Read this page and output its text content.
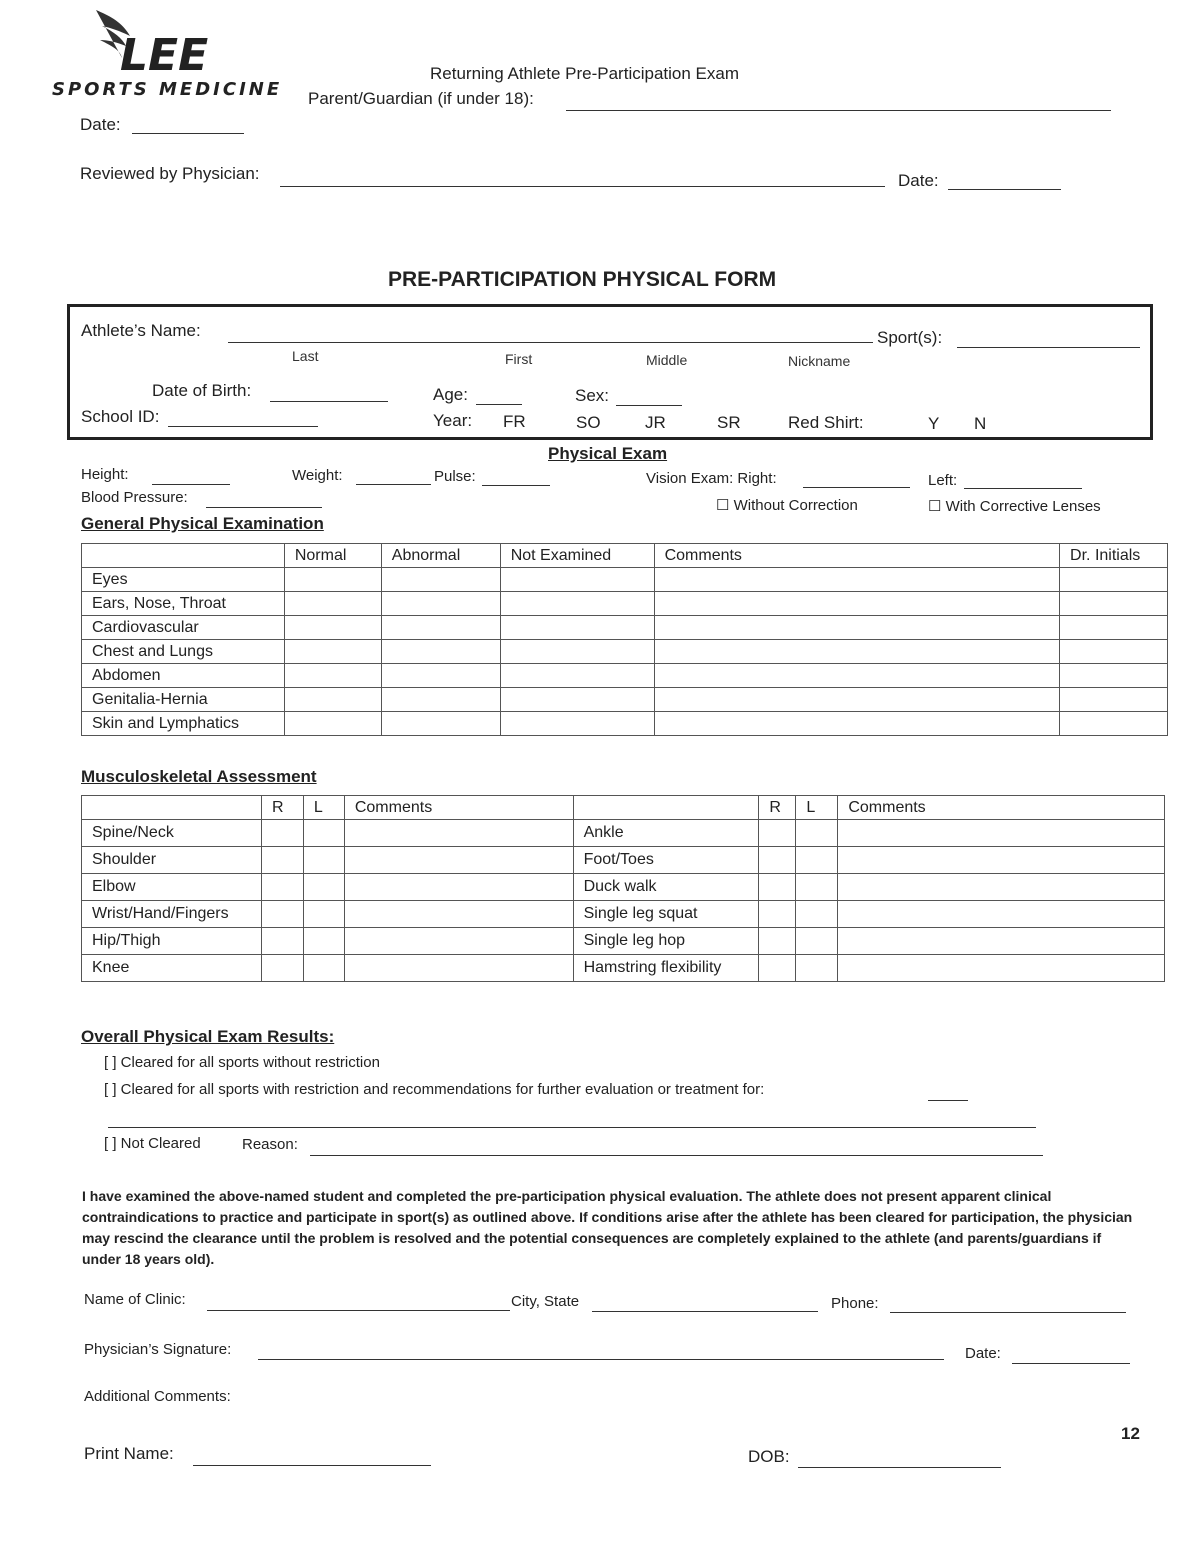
LEE
SPORTS MEDICINE
Returning Athlete Pre-Participation Exam
Parent/Guardian (if under 18):
Date:
Reviewed by Physician:	Date:
PRE-PARTICIPATION PHYSICAL FORM
Athlete’s Name:	Sport(s):
Last	First	Middle	Nickname
Date of Birth:	Age:	Sex:
School ID:	Year: FR	SO	JR	SR	Red Shirt:	Y N
Physical Exam
Height:	Weight:	Pulse:	Vision Exam: Right:	Left:
Blood Pressure:	☐ Without Correction	☐ With Corrective Lenses
General Physical Examination
	Normal	Abnormal	Not Examined	Comments	Dr. Initials
Eyes					
Ears, Nose, Throat					
Cardiovascular					
Chest and Lungs					
Abdomen					
Genitalia-Hernia					
Skin and Lymphatics					
Musculoskeletal Assessment
	R	L	Comments		R	L	Comments
Spine/Neck				Ankle			
Shoulder				Foot/Toes			
Elbow				Duck walk			
Wrist/Hand/Fingers				Single leg squat			
Hip/Thigh				Single leg hop			
Knee				Hamstring flexibility			
Overall Physical Exam Results:
[ ] Cleared for all sports without restriction
[ ] Cleared for all sports with restriction and recommendations for further evaluation or treatment for:
[ ] Not Cleared	Reason:
I have examined the above-named student and completed the pre-participation physical evaluation. The athlete does not present apparent clinical contraindications to practice and participate in sport(s) as outlined above. If conditions arise after the athlete has been cleared for participation, the physician may rescind the clearance until the problem is resolved and the potential consequences are completely explained to the athlete (and parents/guardians if under 18 years old).
Name of Clinic:	City, State	Phone:
Physician’s Signature:	Date:
Additional Comments:
12
Print Name:	DOB:
